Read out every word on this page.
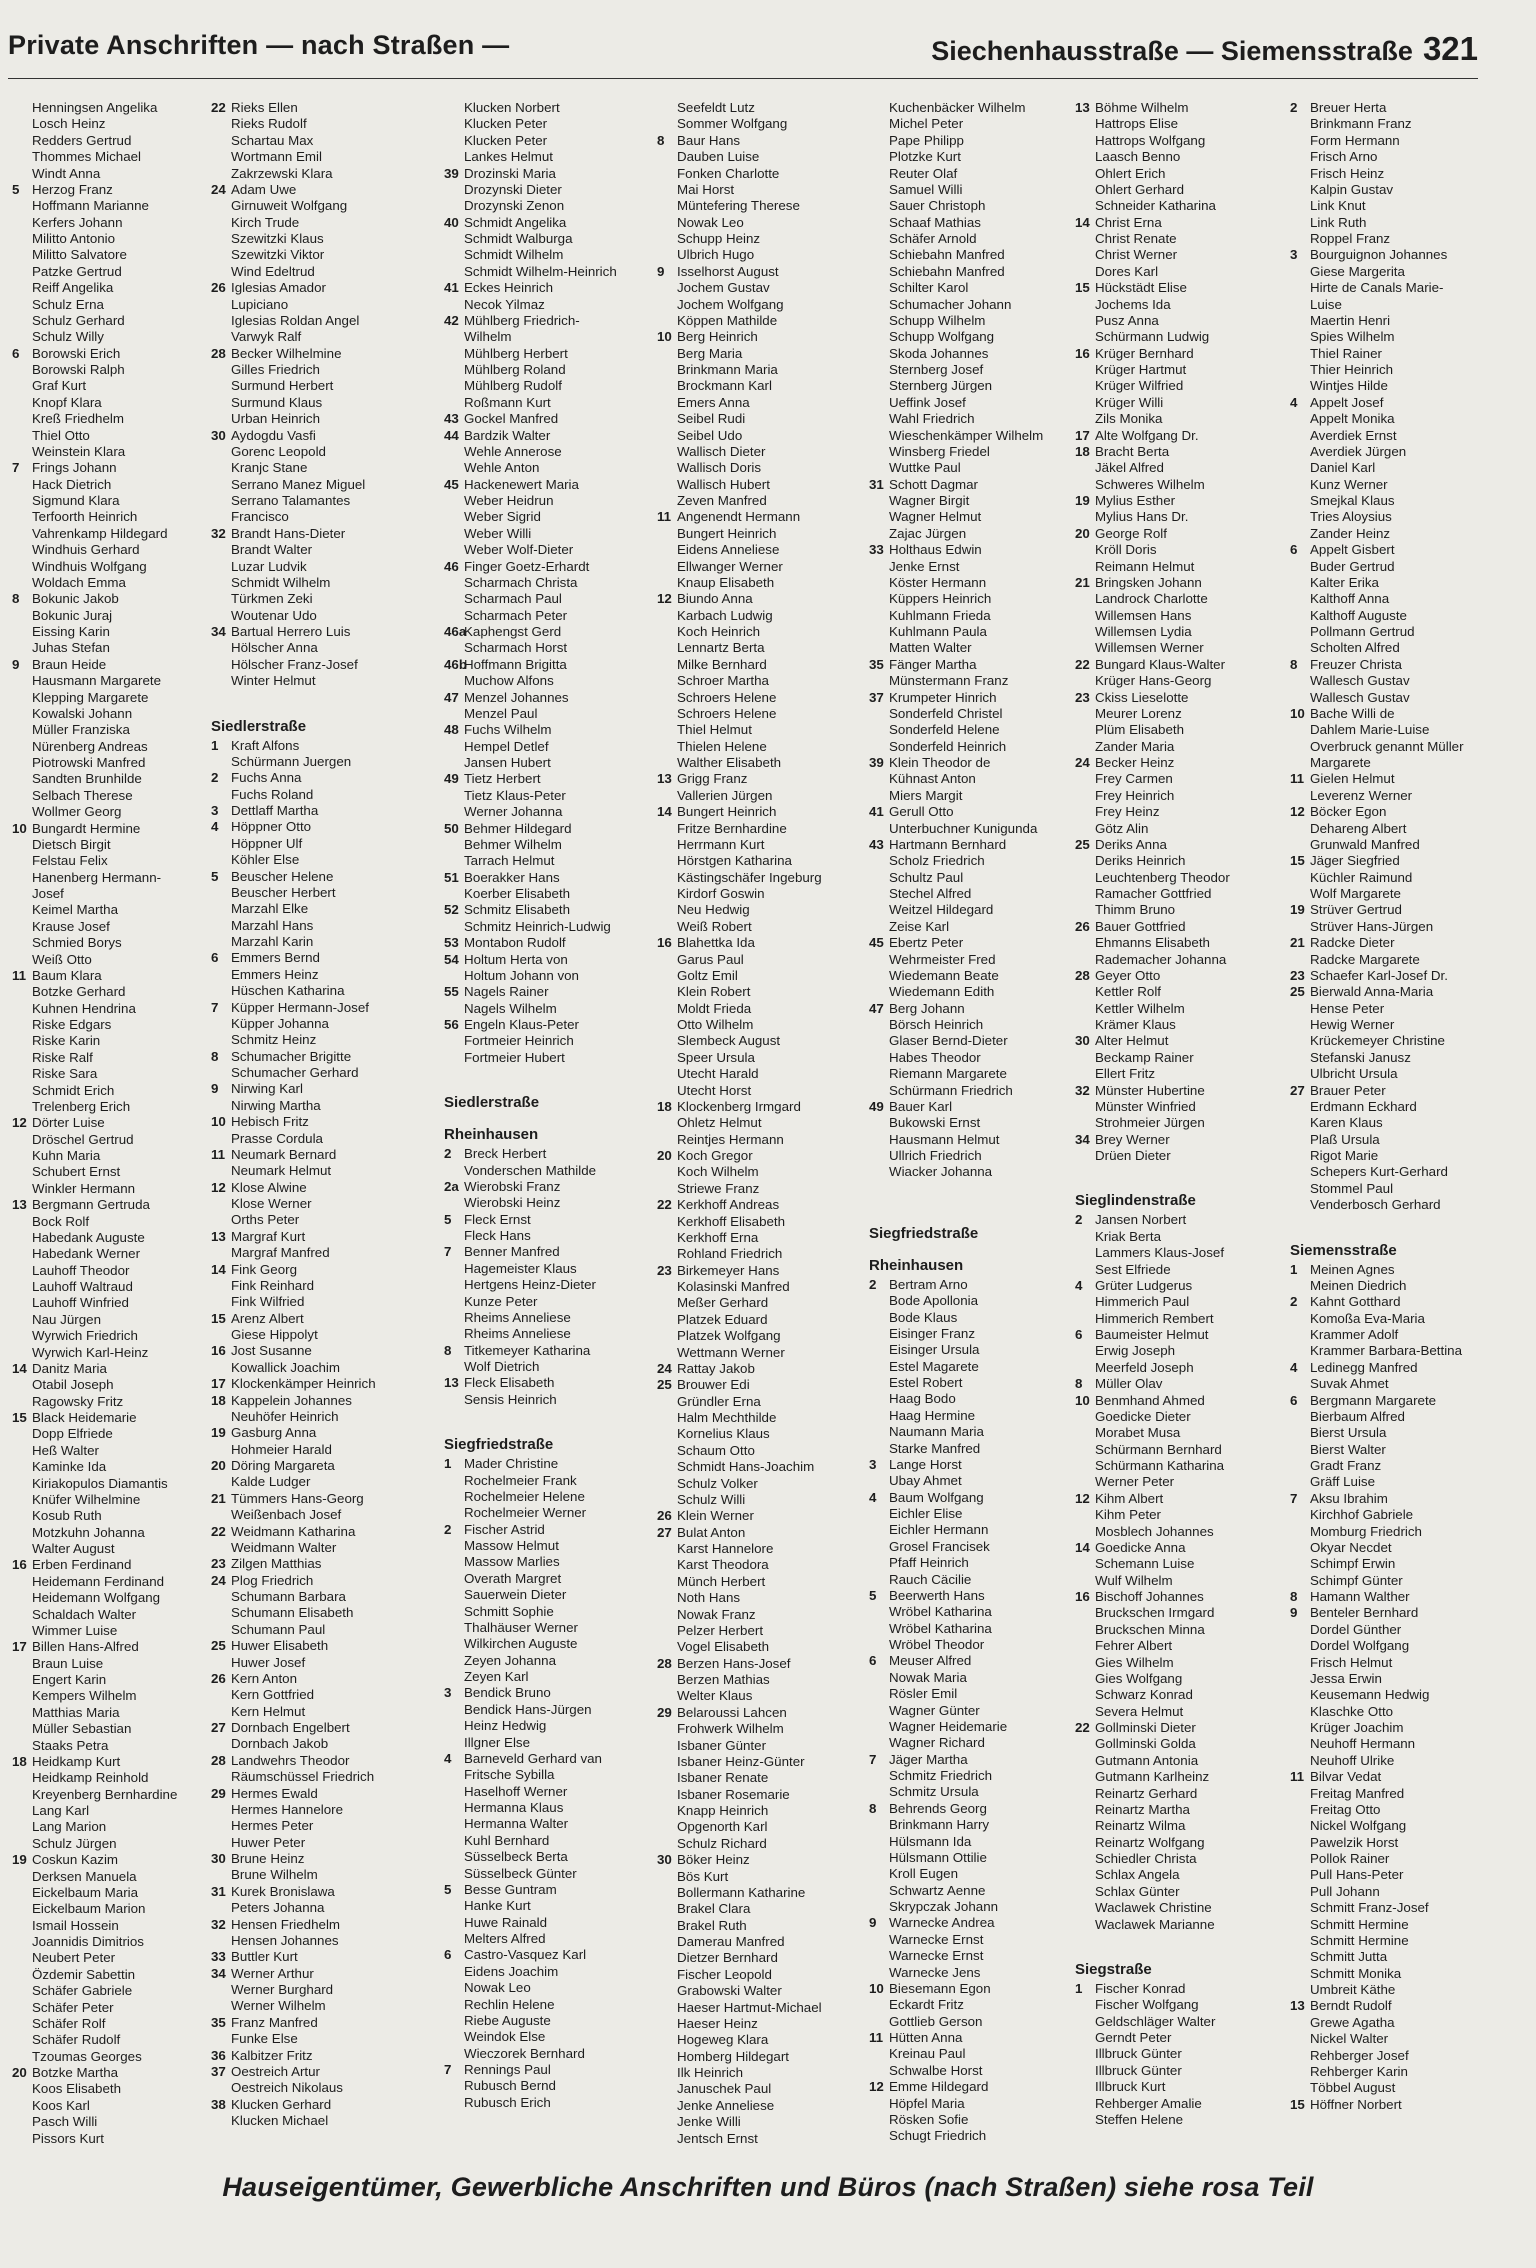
Private Anschriften — nach Straßen —	Siechenhausstraße — Siemensstraße 321
Henningsen Angelika
Losch Heinz
Redders Gertrud
Thommes Michael
Windt Anna
5 Herzog Franz
Hoffmann Marianne
Kerfers Johann
Militto Antonio
Militto Salvatore
Patzke Gertrud
Reiff Angelika
Schulz Erna
Schulz Gerhard
Schulz Willy
6 Borowski Erich
Borowski Ralph
Graf Kurt
Knopf Klara
Kreß Friedhelm
Thiel Otto
Weinstein Klara
7 Frings Johann
Hack Dietrich
Sigmund Klara
Terfoorth Heinrich
Vahrenkamp Hildegard
Windhuis Gerhard
Windhuis Wolfgang
Woldach Emma
8 Bokunic Jakob
Bokunic Juraj
Eissing Karin
Juhas Stefan
9 Braun Heide
Hausmann Margarete
Klepping Margarete
Kowalski Johann
Müller Franziska
Nürenberg Andreas
Piotrowski Manfred
Sandten Brunhilde
Selbach Therese
Wollmer Georg
10 Bungardt Hermine
Dietsch Birgit
Felstau Felix
Hanenberg Hermann-
Josef
Keimel Martha
Krause Josef
Schmied Borys
Weiß Otto
11 Baum Klara
Botzke Gerhard
Kuhnen Hendrina
Riske Edgars
Riske Karin
Riske Ralf
Riske Sara
Schmidt Erich
Trelenberg Erich
12 Dörter Luise
Dröschel Gertrud
Kuhn Maria
Schubert Ernst
Winkler Hermann
13 Bergmann Gertruda
Bock Rolf
Habedank Auguste
Habedank Werner
Lauhoff Theodor
Lauhoff Waltraud
Lauhoff Winfried
Nau Jürgen
Wyrwich Friedrich
Wyrwich Karl-Heinz
14 Danitz Maria
Otabil Joseph
Ragowsky Fritz
15 Black Heidemarie
Dopp Elfriede
Heß Walter
Kaminke Ida
Kiriakopulos Diamantis
Knüfer Wilhelmine
Kosub Ruth
Motzkuhn Johanna
Walter August
16 Erben Ferdinand
Heidemann Ferdinand
Heidemann Wolfgang
Schaldach Walter
Wimmer Luise
17 Billen Hans-Alfred
Braun Luise
Engert Karin
Kempers Wilhelm
Matthias Maria
Müller Sebastian
Staaks Petra
18 Heidkamp Kurt
Heidkamp Reinhold
Kreyenberg Bernhardine
Lang Karl
Lang Marion
Schulz Jürgen
19 Coskun Kazim
Derksen Manuela
Eickelbaum Maria
Eickelbaum Marion
Ismail Hossein
Joannidis Dimitrios
Neubert Peter
Özdemir Sabettin
Schäfer Gabriele
Schäfer Peter
Schäfer Rolf
Schäfer Rudolf
Tzoumas Georges
20 Botzke Martha
Koos Elisabeth
Koos Karl
Pasch Willi
Pissors Kurt
22 Rieks Ellen
Rieks Rudolf
Schartau Max
Wortmann Emil
Zakrzewski Klara
24 Adam Uwe
Girnuweit Wolfgang
Kirch Trude
Szewitzki Klaus
Szewitzki Viktor
Wind Edeltrud
26 Iglesias Amador
Lupiciano
Iglesias Roldan Angel
Varwyk Ralf
28 Becker Wilhelmine
Gilles Friedrich
Surmund Herbert
Surmund Klaus
Urban Heinrich
30 Aydogdu Vasfi
Gorenc Leopold
Kranjc Stane
Serrano Manez Miguel
Serrano Talamantes
Francisco
32 Brandt Hans-Dieter
Brandt Walter
Luzar Ludvik
Schmidt Wilhelm
Türkmen Zeki
Woutenar Udo
34 Bartual Herrero Luis
Hölscher Anna
Hölscher Franz-Josef
Winter Helmut
Siedlerstraße
1 Kraft Alfons
Schürmann Juergen
2 Fuchs Anna
Fuchs Roland
3 Dettlaff Martha
4 Höppner Otto
Höppner Ulf
Köhler Else
5 Beuscher Helene
Beuscher Herbert
Marzahl Elke
Marzahl Hans
Marzahl Karin
6 Emmers Bernd
Emmers Heinz
Hüschen Katharina
7 Küpper Hermann-Josef
Küpper Johanna
Schmitz Heinz
8 Schumacher Brigitte
Schumacher Gerhard
9 Nirwing Karl
Nirwing Martha
10 Hebisch Fritz
Prasse Cordula
11 Neumark Bernard
Neumark Helmut
12 Klose Alwine
Klose Werner
Orths Peter
13 Margraf Kurt
Margraf Manfred
14 Fink Georg
Fink Reinhard
Fink Wilfried
15 Arenz Albert
Giese Hippolyt
16 Jost Susanne
Kowallick Joachim
17 Klockenkämper Heinrich
18 Kappelein Johannes
Neuhöfer Heinrich
19 Gasburg Anna
Hohmeier Harald
20 Döring Margareta
Kalde Ludger
21 Tümmers Hans-Georg
Weißenbach Josef
22 Weidmann Katharina
Weidmann Walter
23 Zilgen Matthias
24 Plog Friedrich
Schumann Barbara
Schumann Elisabeth
Schumann Paul
25 Huwer Elisabeth
Huwer Josef
26 Kern Anton
Kern Gottfried
Kern Helmut
27 Dornbach Engelbert
Dornbach Jakob
28 Landwehrs Theodor
Räumschüssel Friedrich
29 Hermes Ewald
Hermes Hannelore
Hermes Peter
Huwer Peter
30 Brune Heinz
Brune Wilhelm
31 Kurek Bronislawa
Peters Johanna
32 Hensen Friedhelm
Hensen Johannes
33 Buttler Kurt
34 Werner Arthur
Werner Burghard
Werner Wilhelm
35 Franz Manfred
Funke Else
36 Kalbitzer Fritz
37 Oestreich Artur
Oestreich Nikolaus
38 Klucken Gerhard
Klucken Michael
Klucken Norbert
Klucken Peter
Klucken Peter
Lankes Helmut
39 Drozinski Maria
Drozynski Dieter
Drozynski Zenon
40 Schmidt Angelika
Schmidt Walburga
Schmidt Wilhelm
Schmidt Wilhelm-Heinrich
41 Eckes Heinrich
Necok Yilmaz
42 Mühlberg Friedrich-
Wilhelm
Mühlberg Herbert
Mühlberg Roland
Mühlberg Rudolf
Roßmann Kurt
43 Gockel Manfred
44 Bardzik Walter
Wehle Annerose
Wehle Anton
45 Hackenewert Maria
Weber Heidrun
Weber Sigrid
Weber Willi
Weber Wolf-Dieter
46 Finger Goetz-Erhardt
Scharmach Christa
Scharmach Paul
Scharmach Peter
46a
Kaphengst Gerd
Scharmach Horst
46b
Hoffmann Brigitta
Muchow Alfons
47 Menzel Johannes
Menzel Paul
48 Fuchs Wilhelm
Hempel Detlef
Jansen Hubert
49 Tietz Herbert
Tietz Klaus-Peter
Werner Johanna
50 Behmer Hildegard
Behmer Wilhelm
Tarrach Helmut
51 Boerakker Hans
Koerber Elisabeth
52 Schmitz Elisabeth
Schmitz Heinrich-Ludwig
53 Montabon Rudolf
54 Holtum Herta von
Holtum Johann von
55 Nagels Rainer
Nagels Wilhelm
56 Engeln Klaus-Peter
Fortmeier Heinrich
Fortmeier Hubert
Siedlerstraße
Rheinhausen
2 Breck Herbert
Vonderschen Mathilde
2a Wierobski Franz
Wierobski Heinz
5 Fleck Ernst
Fleck Hans
7 Benner Manfred
Hagemeister Klaus
Hertgens Heinz-Dieter
Kunze Peter
Rheims Anneliese
Rheims Anneliese
8 Titkemeyer Katharina
Wolf Dietrich
13 Fleck Elisabeth
Sensis Heinrich
Siegfriedstraße
1 Mader Christine
Rochelmeier Frank
Rochelmeier Helene
Rochelmeier Werner
2 Fischer Astrid
Massow Helmut
Massow Marlies
Overath Margret
Sauerwein Dieter
Schmitt Sophie
Thalhäuser Werner
Wilkirchen Auguste
Zeyen Johanna
Zeyen Karl
3 Bendick Bruno
Bendick Hans-Jürgen
Heinz Hedwig
Illgner Else
4 Barneveld Gerhard van
Fritsche Sybilla
Haselhoff Werner
Hermanna Klaus
Hermanna Walter
Kuhl Bernhard
Süsselbeck Berta
Süsselbeck Günter
5 Besse Guntram
Hanke Kurt
Huwe Rainald
Melters Alfred
6 Castro-Vasquez Karl
Eidens Joachim
Nowak Leo
Rechlin Helene
Riebe Auguste
Weindok Else
Wieczorek Bernhard
7 Rennings Paul
Rubusch Bernd
Rubusch Erich
Seefeldt Lutz
Sommer Wolfgang
8 Baur Hans
Dauben Luise
Fonken Charlotte
Mai Horst
Müntefering Therese
Nowak Leo
Schupp Heinz
Ulbrich Hugo
9 Isselhorst August
Jochem Gustav
Jochem Wolfgang
Köppen Mathilde
10 Berg Heinrich
Berg Maria
Brinkmann Maria
Brockmann Karl
Emers Anna
Seibel Rudi
Seibel Udo
Wallisch Dieter
Wallisch Doris
Wallisch Hubert
Zeven Manfred
11 Angenendt Hermann
Bungert Heinrich
Eidens Anneliese
Ellwanger Werner
Knaup Elisabeth
12 Biundo Anna
Karbach Ludwig
Koch Heinrich
Lennartz Berta
Milke Bernhard
Schroer Martha
Schroers Helene
Schroers Helene
Thiel Helmut
Thielen Helene
Walther Elisabeth
13 Grigg Franz
Vallerien Jürgen
14 Bungert Heinrich
Fritze Bernhardine
Herrmann Kurt
Hörstgen Katharina
Kästingschäfer Ingeburg
Kirdorf Goswin
Neu Hedwig
Weiß Robert
16 Blahettka Ida
Garus Paul
Goltz Emil
Klein Robert
Moldt Frieda
Otto Wilhelm
Slembeck August
Speer Ursula
Utecht Harald
Utecht Horst
18 Klockenberg Irmgard
Ohletz Helmut
Reintjes Hermann
20 Koch Gregor
Koch Wilhelm
Striewe Franz
22 Kerkhoff Andreas
Kerkhoff Elisabeth
Kerkhoff Erna
Rohland Friedrich
23 Birkemeyer Hans
Kolasinski Manfred
Meßer Gerhard
Platzek Eduard
Platzek Wolfgang
Wettmann Werner
24 Rattay Jakob
25 Brouwer Edi
Gründler Erna
Halm Mechthilde
Kornelius Klaus
Schaum Otto
Schmidt Hans-Joachim
Schulz Volker
Schulz Willi
26 Klein Werner
27 Bulat Anton
Karst Hannelore
Karst Theodora
Münch Herbert
Noth Hans
Nowak Franz
Pelzer Herbert
Vogel Elisabeth
28 Berzen Hans-Josef
Berzen Mathias
Welter Klaus
29 Belaroussi Lahcen
Frohwerk Wilhelm
Isbaner Günter
Isbaner Heinz-Günter
Isbaner Renate
Isbaner Rosemarie
Knapp Heinrich
Opgenorth Karl
Schulz Richard
30 Böker Heinz
Bös Kurt
Bollermann Katharine
Brakel Clara
Brakel Ruth
Damerau Manfred
Dietzer Bernhard
Fischer Leopold
Grabowski Walter
Haeser Hartmut-Michael
Haeser Heinz
Hogeweg Klara
Homberg Hildegart
Ilk Heinrich
Januschek Paul
Jenke Anneliese
Jenke Willi
Jentsch Ernst
Kuchenbäcker Wilhelm
Michel Peter
Pape Philipp
Plotzke Kurt
Reuter Olaf
Samuel Willi
Sauer Christoph
Schaaf Mathias
Schäfer Arnold
Schiebahn Manfred
Schiebahn Manfred
Schilter Karol
Schumacher Johann
Schupp Wilhelm
Schupp Wolfgang
Skoda Johannes
Sternberg Josef
Sternberg Jürgen
Ueffink Josef
Wahl Friedrich
Wieschenkämper Wilhelm
Winsberg Friedel
Wuttke Paul
31 Schott Dagmar
Wagner Birgit
Wagner Helmut
Zajac Jürgen
33 Holthaus Edwin
Jenke Ernst
Köster Hermann
Küppers Heinrich
Kuhlmann Frieda
Kuhlmann Paula
Matten Walter
35 Fänger Martha
Münstermann Franz
37 Krumpeter Hinrich
Sonderfeld Christel
Sonderfeld Helene
Sonderfeld Heinrich
39 Klein Theodor de
Kühnast Anton
Miers Margit
41 Gerull Otto
Unterbuchner Kunigunda
43 Hartmann Bernhard
Scholz Friedrich
Schultz Paul
Stechel Alfred
Weitzel Hildegard
Zeise Karl
45 Ebertz Peter
Wehrmeister Fred
Wiedemann Beate
Wiedemann Edith
47 Berg Johann
Börsch Heinrich
Glaser Bernd-Dieter
Habes Theodor
Riemann Margarete
Schürmann Friedrich
49 Bauer Karl
Bukowski Ernst
Hausmann Helmut
Ullrich Friedrich
Wiacker Johanna
Siegfriedstraße
Rheinhausen
2 Bertram Arno
Bode Apollonia
Bode Klaus
Eisinger Franz
Eisinger Ursula
Estel Magarete
Estel Robert
Haag Bodo
Haag Hermine
Naumann Maria
Starke Manfred
3 Lange Horst
Ubay Ahmet
4 Baum Wolfgang
Eichler Elise
Eichler Hermann
Grosel Francisek
Pfaff Heinrich
Rauch Cäcilie
5 Beerwerth Hans
Wröbel Katharina
Wröbel Katharina
Wröbel Theodor
6 Meuser Alfred
Nowak Maria
Rösler Emil
Wagner Günter
Wagner Heidemarie
Wagner Richard
7 Jäger Martha
Schmitz Friedrich
Schmitz Ursula
8 Behrends Georg
Brinkmann Harry
Hülsmann Ida
Hülsmann Ottilie
Kroll Eugen
Schwartz Aenne
Skrypczak Johann
9 Warnecke Andrea
Warnecke Ernst
Warnecke Ernst
Warnecke Jens
10 Biesemann Egon
Eckardt Fritz
Gottlieb Gerson
11 Hütten Anna
Kreinau Paul
Schwalbe Horst
12 Emme Hildegard
Höpfel Maria
Rösken Sofie
Schugt Friedrich
13 Böhme Wilhelm
Hattrops Elise
Hattrops Wolfgang
Laasch Benno
Ohlert Erich
Ohlert Gerhard
Schneider Katharina
14 Christ Erna
Christ Renate
Christ Werner
Dores Karl
15 Hückstädt Elise
Jochems Ida
Pusz Anna
Schürmann Ludwig
16 Krüger Bernhard
Krüger Hartmut
Krüger Wilfried
Krüger Willi
Zils Monika
17 Alte Wolfgang Dr.
18 Bracht Berta
Jäkel Alfred
Schweres Wilhelm
19 Mylius Esther
Mylius Hans Dr.
20 George Rolf
Kröll Doris
Reimann Helmut
21 Bringsken Johann
Landrock Charlotte
Willemsen Hans
Willemsen Lydia
Willemsen Werner
22 Bungard Klaus-Walter
Krüger Hans-Georg
23 Ckiss Lieselotte
Meurer Lorenz
Plüm Elisabeth
Zander Maria
24 Becker Heinz
Frey Carmen
Frey Heinrich
Frey Heinz
Götz Alin
25 Deriks Anna
Deriks Heinrich
Leuchtenberg Theodor
Ramacher Gottfried
Thimm Bruno
26 Bauer Gottfried
Ehmanns Elisabeth
Rademacher Johanna
28 Geyer Otto
Kettler Rolf
Kettler Wilhelm
Krämer Klaus
30 Alter Helmut
Beckamp Rainer
Ellert Fritz
32 Münster Hubertine
Münster Winfried
Strohmeier Jürgen
34 Brey Werner
Drüen Dieter
Sieglindenstraße
2 Jansen Norbert
Kriak Berta
Lammers Klaus-Josef
Sest Elfriede
4 Grüter Ludgerus
Himmerich Paul
Himmerich Rembert
6 Baumeister Helmut
Erwig Joseph
Meerfeld Joseph
8 Müller Olav
10 Benmhand Ahmed
Goedicke Dieter
Morabet Musa
Schürmann Bernhard
Schürmann Katharina
Werner Peter
12 Kihm Albert
Kihm Peter
Mosblech Johannes
14 Goedicke Anna
Schemann Luise
Wulf Wilhelm
16 Bischoff Johannes
Bruckschen Irmgard
Bruckschen Minna
Fehrer Albert
Gies Wilhelm
Gies Wolfgang
Schwarz Konrad
Severa Helmut
22 Gollminski Dieter
Gollminski Golda
Gutmann Antonia
Gutmann Karlheinz
Reinartz Gerhard
Reinartz Martha
Reinartz Wilma
Reinartz Wolfgang
Schiedler Christa
Schlax Angela
Schlax Günter
Waclawek Christine
Waclawek Marianne
Siegstraße
1 Fischer Konrad
Fischer Wolfgang
Geldschläger Walter
Gerndt Peter
Illbruck Günter
Illbruck Günter
Illbruck Kurt
Rehberger Amalie
Steffen Helene
2 Breuer Herta
Brinkmann Franz
Form Hermann
Frisch Arno
Frisch Heinz
Kalpin Gustav
Link Knut
Link Ruth
Roppel Franz
3 Bourguignon Johannes
Giese Margerita
Hirte de Canals Marie-
Luise
Maertin Henri
Spies Wilhelm
Thiel Rainer
Thier Heinrich
Wintjes Hilde
4 Appelt Josef
Appelt Monika
Averdiek Ernst
Averdiek Jürgen
Daniel Karl
Kunz Werner
Smejkal Klaus
Tries Aloysius
Zander Heinz
6 Appelt Gisbert
Buder Gertrud
Kalter Erika
Kalthoff Anna
Kalthoff Auguste
Pollmann Gertrud
Scholten Alfred
8 Freuzer Christa
Wallesch Gustav
Wallesch Gustav
10 Bache Willi de
Dahlem Marie-Luise
Overbruck genannt Müller
Margarete
11 Gielen Helmut
Leverenz Werner
12 Böcker Egon
Dehareng Albert
Grunwald Manfred
15 Jäger Siegfried
Küchler Raimund
Wolf Margarete
19 Strüver Gertrud
Strüver Hans-Jürgen
21 Radcke Dieter
Radcke Margarete
23 Schaefer Karl-Josef Dr.
25 Bierwald Anna-Maria
Hense Peter
Hewig Werner
Krückemeyer Christine
Stefanski Janusz
Ulbricht Ursula
27 Brauer Peter
Erdmann Eckhard
Karen Klaus
Plaß Ursula
Rigot Marie
Schepers Kurt-Gerhard
Stommel Paul
Venderbosch Gerhard
Siemensstraße
1 Meinen Agnes
Meinen Diedrich
2 Kahnt Gotthard
Komoßa Eva-Maria
Krammer Adolf
Krammer Barbara-Bettina
4 Ledinegg Manfred
Suvak Ahmet
6 Bergmann Margarete
Bierbaum Alfred
Bierst Ursula
Bierst Walter
Gradt Franz
Gräff Luise
7 Aksu Ibrahim
Kirchhof Gabriele
Momburg Friedrich
Okyar Necdet
Schimpf Erwin
Schimpf Günter
8 Hamann Walther
9 Benteler Bernhard
Dordel Günther
Dordel Wolfgang
Frisch Helmut
Jessa Erwin
Keusemann Hedwig
Klaschke Otto
Krüger Joachim
Neuhoff Hermann
Neuhoff Ulrike
11 Bilvar Vedat
Freitag Manfred
Freitag Otto
Nickel Wolfgang
Pawelzik Horst
Pollok Rainer
Pull Hans-Peter
Pull Johann
Schmitt Franz-Josef
Schmitt Hermine
Schmitt Hermine
Schmitt Jutta
Schmitt Monika
Umbreit Käthe
13 Berndt Rudolf
Grewe Agatha
Nickel Walter
Rehberger Josef
Rehberger Karin
Többel August
15 Höffner Norbert
Hauseigentümer, Gewerbliche Anschriften und Büros (nach Straßen) siehe rosa Teil
